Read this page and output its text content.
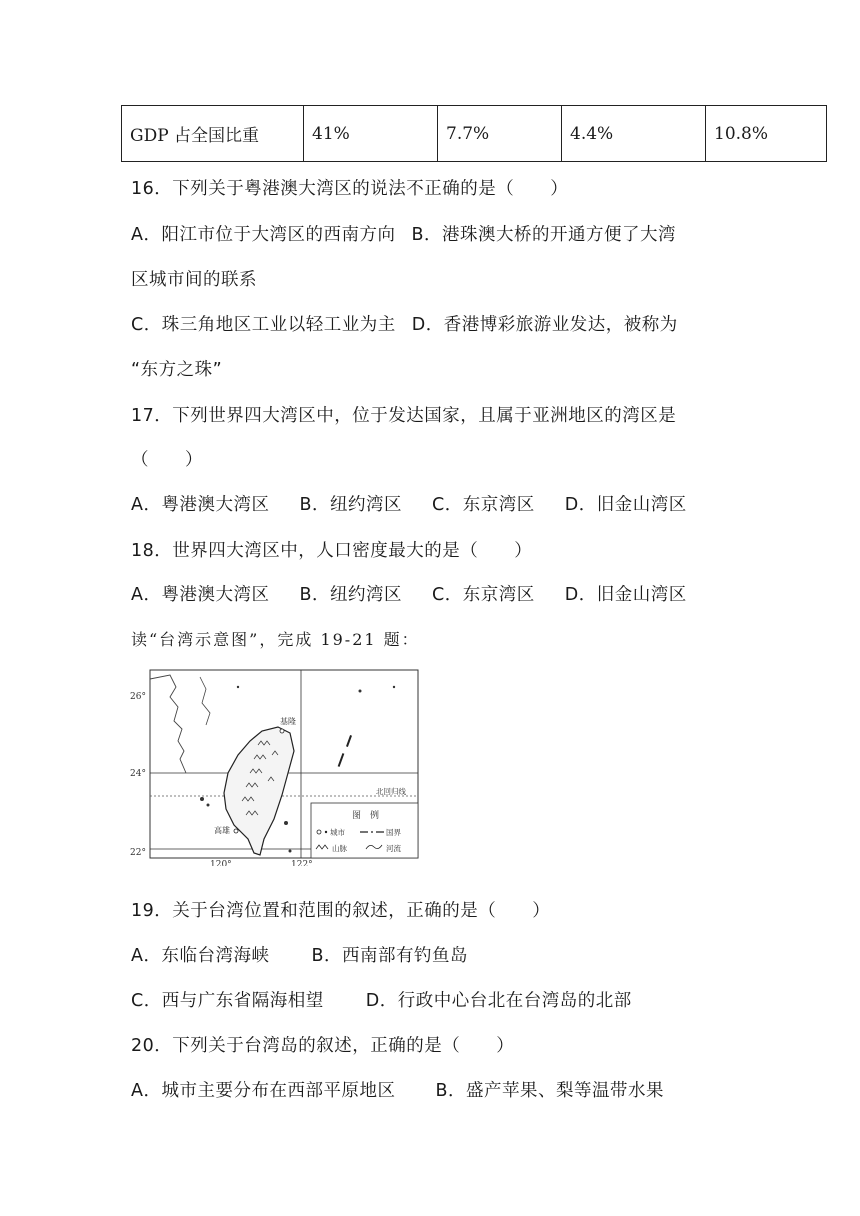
GDP 占全国比重	41%	7.7%	4.4%	10.8%
16．下列关于粤港澳大湾区的说法不正确的是（　　）
A．阳江市位于大湾区的西南方向 B．港珠澳大桥的开通方便了大湾
区城市间的联系
C．珠三角地区工业以轻工业为主 D．香港博彩旅游业发达，被称为
“东方之珠”
17．下列世界四大湾区中，位于发达国家，且属于亚洲地区的湾区是
（　　）
A．粤港澳大湾区 B．纽约湾区 C．东京湾区 D．旧金山湾区
18．世界四大湾区中，人口密度最大的是（　　）
A．粤港澳大湾区 B．纽约湾区 C．东京湾区 D．旧金山湾区
读“台湾示意图”，完成 19-21 题：
26°
24°
22°
120°	122°
基隆
高雄
北回归线
图　例
城市	国界
山脉	河流
19．关于台湾位置和范围的叙述，正确的是（　　）
A．东临台湾海峡 B．西南部有钓鱼岛
C．西与广东省隔海相望 D．行政中心台北在台湾岛的北部
20．下列关于台湾岛的叙述，正确的是（　　）
A．城市主要分布在西部平原地区 B．盛产苹果、梨等温带水果
